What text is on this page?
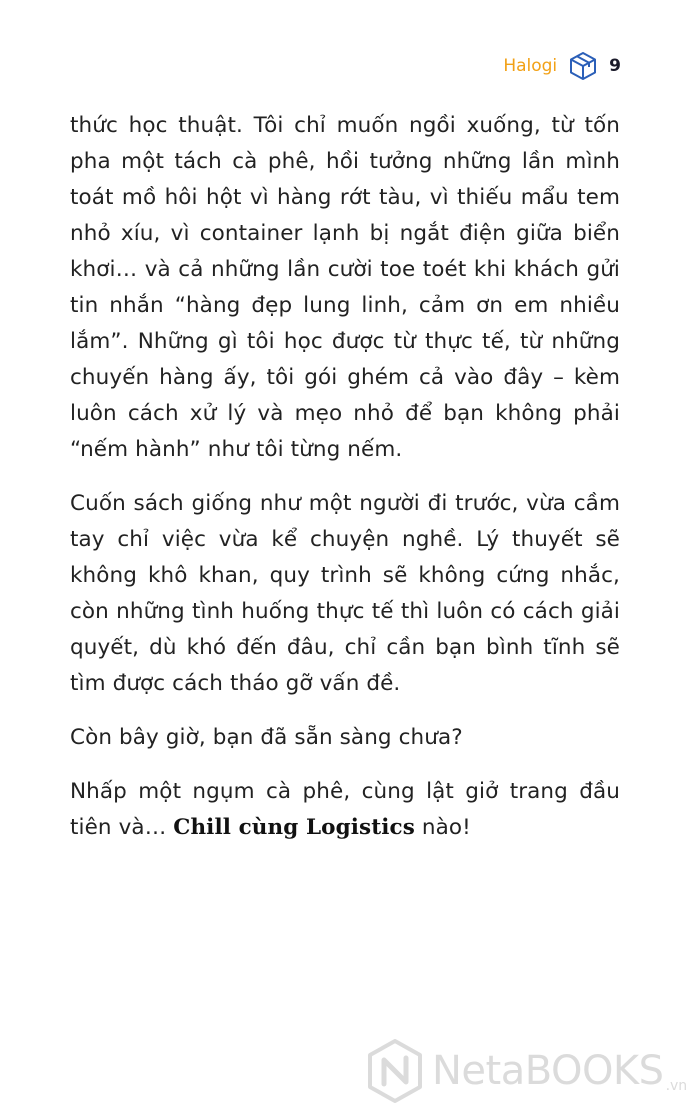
Halogi	9

thức học thuật. Tôi chỉ muốn ngồi xuống, từ tốn pha một tách cà phê, hồi tưởng những lần mình toát mồ hôi hột vì hàng rớt tàu, vì thiếu mẩu tem nhỏ xíu, vì container lạnh bị ngắt điện giữa biển khơi… và cả những lần cười toe toét khi khách gửi tin nhắn “hàng đẹp lung linh, cảm ơn em nhiều lắm”. Những gì tôi học được từ thực tế, từ những chuyến hàng ấy, tôi gói ghém cả vào đây – kèm luôn cách xử lý và mẹo nhỏ để bạn không phải “nếm hành” như tôi từng nếm.

Cuốn sách giống như một người đi trước, vừa cầm tay chỉ việc vừa kể chuyện nghề. Lý thuyết sẽ không khô khan, quy trình sẽ không cứng nhắc, còn những tình huống thực tế thì luôn có cách giải quyết, dù khó đến đâu, chỉ cần bạn bình tĩnh sẽ tìm được cách tháo gỡ vấn đề.

Còn bây giờ, bạn đã sẵn sàng chưa?

Nhấp một ngụm cà phê, cùng lật giở trang đầu tiên và… Chill cùng Logistics nào!

NetaBOOKS .vn
